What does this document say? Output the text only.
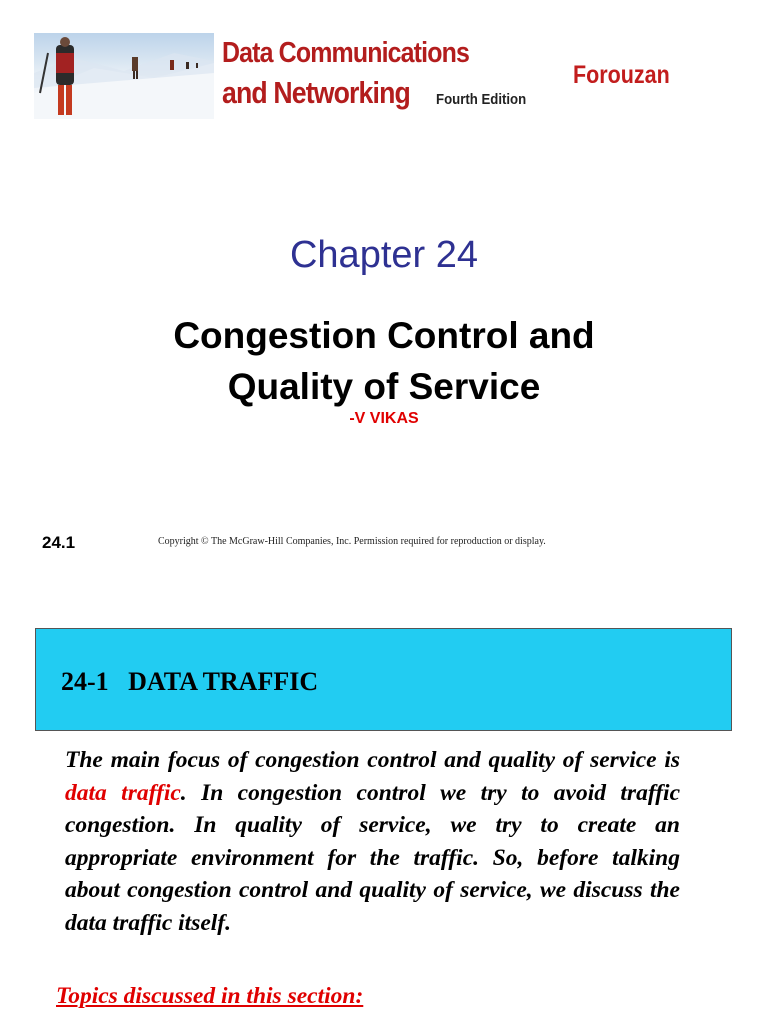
Data Communications
and Networking Fourth Edition
Forouzan
Chapter 24
Congestion Control and
Quality of Service
-V VIKAS
24.1	Copyright © The McGraw-Hill Companies, Inc. Permission required for reproduction or display.
24-1   DATA TRAFFIC
The main focus of congestion control and quality of service is data traffic. In congestion control we try to avoid traffic congestion. In quality of service, we try to create an appropriate environment for the traffic. So, before talking about congestion control and quality of service, we discuss the data traffic itself.
Topics discussed in this section:
